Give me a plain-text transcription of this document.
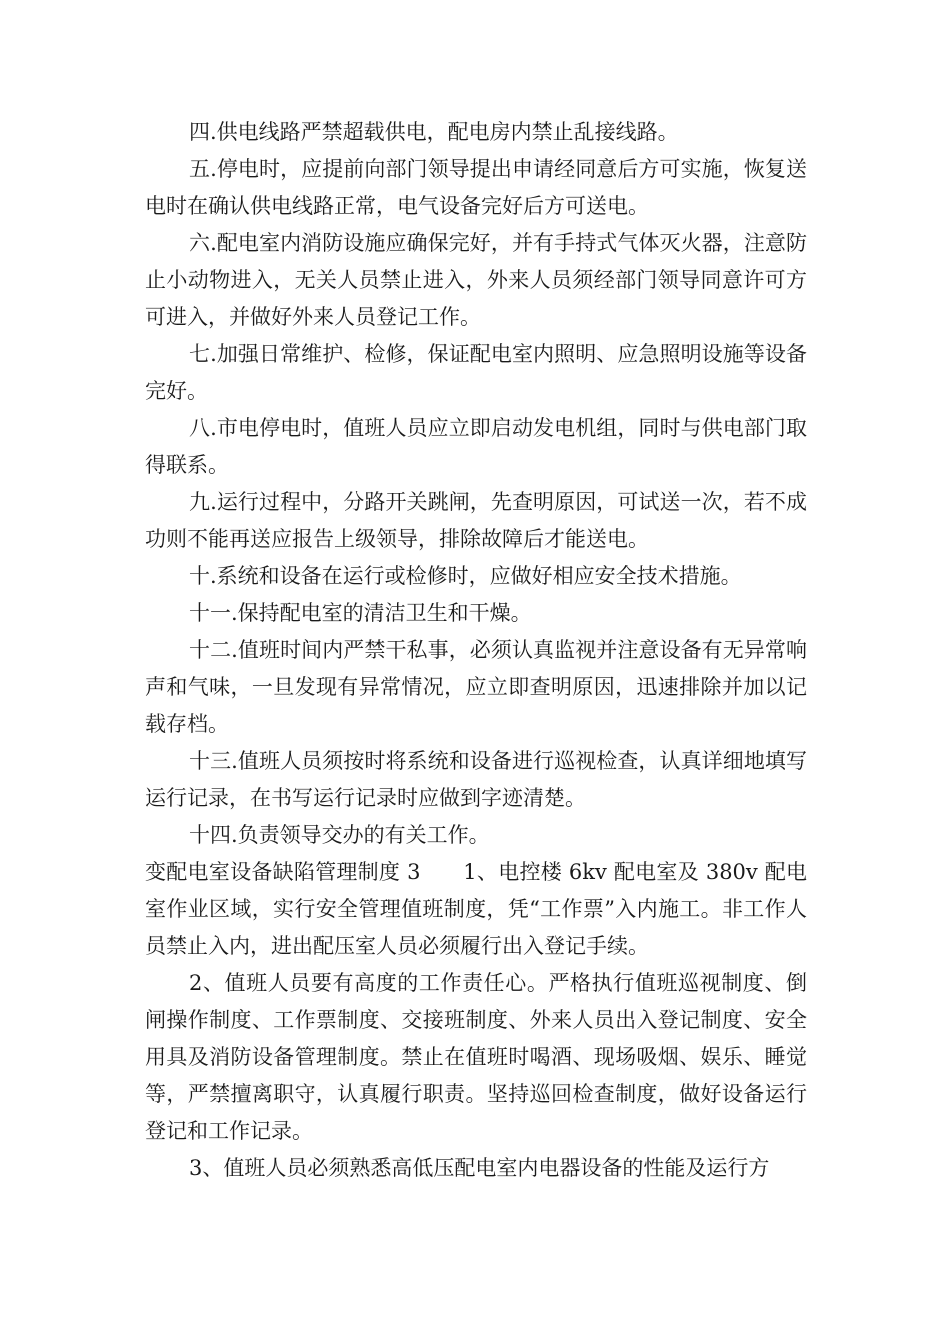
四.供电线路严禁超载供电，配电房内禁止乱接线路。

五.停电时，应提前向部门领导提出申请经同意后方可实施，恢复送电时在确认供电线路正常，电气设备完好后方可送电。

六.配电室内消防设施应确保完好，并有手持式气体灭火器，注意防止小动物进入，无关人员禁止进入，外来人员须经部门领导同意许可方可进入，并做好外来人员登记工作。

七.加强日常维护、检修，保证配电室内照明、应急照明设施等设备完好。

八.市电停电时，值班人员应立即启动发电机组，同时与供电部门取得联系。

九.运行过程中，分路开关跳闸，先查明原因，可试送一次，若不成功则不能再送应报告上级领导，排除故障后才能送电。

十.系统和设备在运行或检修时，应做好相应安全技术措施。

十一.保持配电室的清洁卫生和干燥。

十二.值班时间内严禁干私事，必须认真监视并注意设备有无异常响声和气味，一旦发现有异常情况，应立即查明原因，迅速排除并加以记载存档。

十三.值班人员须按时将系统和设备进行巡视检查，认真详细地填写运行记录，在书写运行记录时应做到字迹清楚。

十四.负责领导交办的有关工作。

变配电室设备缺陷管理制度 3　　1、电控楼 6kv 配电室及 380v 配电室作业区域，实行安全管理值班制度，凭“工作票”入内施工。非工作人员禁止入内，进出配压室人员必须履行出入登记手续。

2、值班人员要有高度的工作责任心。严格执行值班巡视制度、倒闸操作制度、工作票制度、交接班制度、外来人员出入登记制度、安全用具及消防设备管理制度。禁止在值班时喝酒、现场吸烟、娱乐、睡觉等，严禁擅离职守，认真履行职责。坚持巡回检查制度，做好设备运行登记和工作记录。

3、值班人员必须熟悉高低压配电室内电器设备的性能及运行方
